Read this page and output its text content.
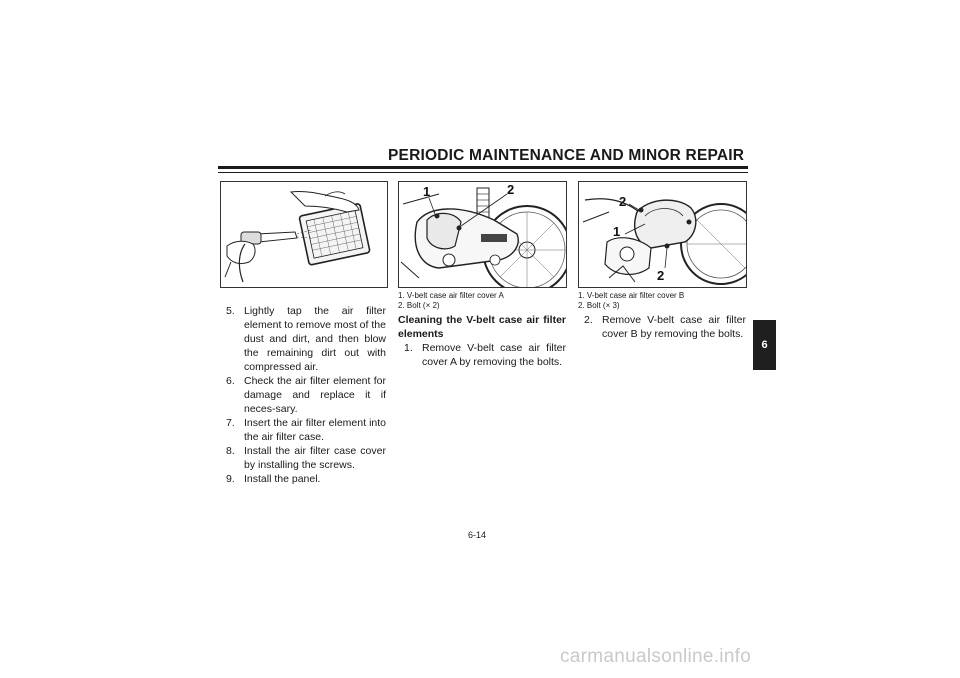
PERIODIC MAINTENANCE AND MINOR REPAIR
1	2
2
1
2
1. V-belt case air filter cover A
2. Bolt (× 2)
1. V-belt case air filter cover B
2. Bolt (× 3)
5. Lightly tap the air filter element to remove most of the dust and dirt, and then blow the remaining dirt out with compressed air.
6. Check the air filter element for damage and replace it if neces-sary.
7. Insert the air filter element into the air filter case.
8. Install the air filter case cover by installing the screws.
9. Install the panel.
Cleaning the V-belt case air filter elements
1. Remove V-belt case air filter cover A by removing the bolts.
2. Remove V-belt case air filter cover B by removing the bolts.
6
6-14
carmanualsonline.info
